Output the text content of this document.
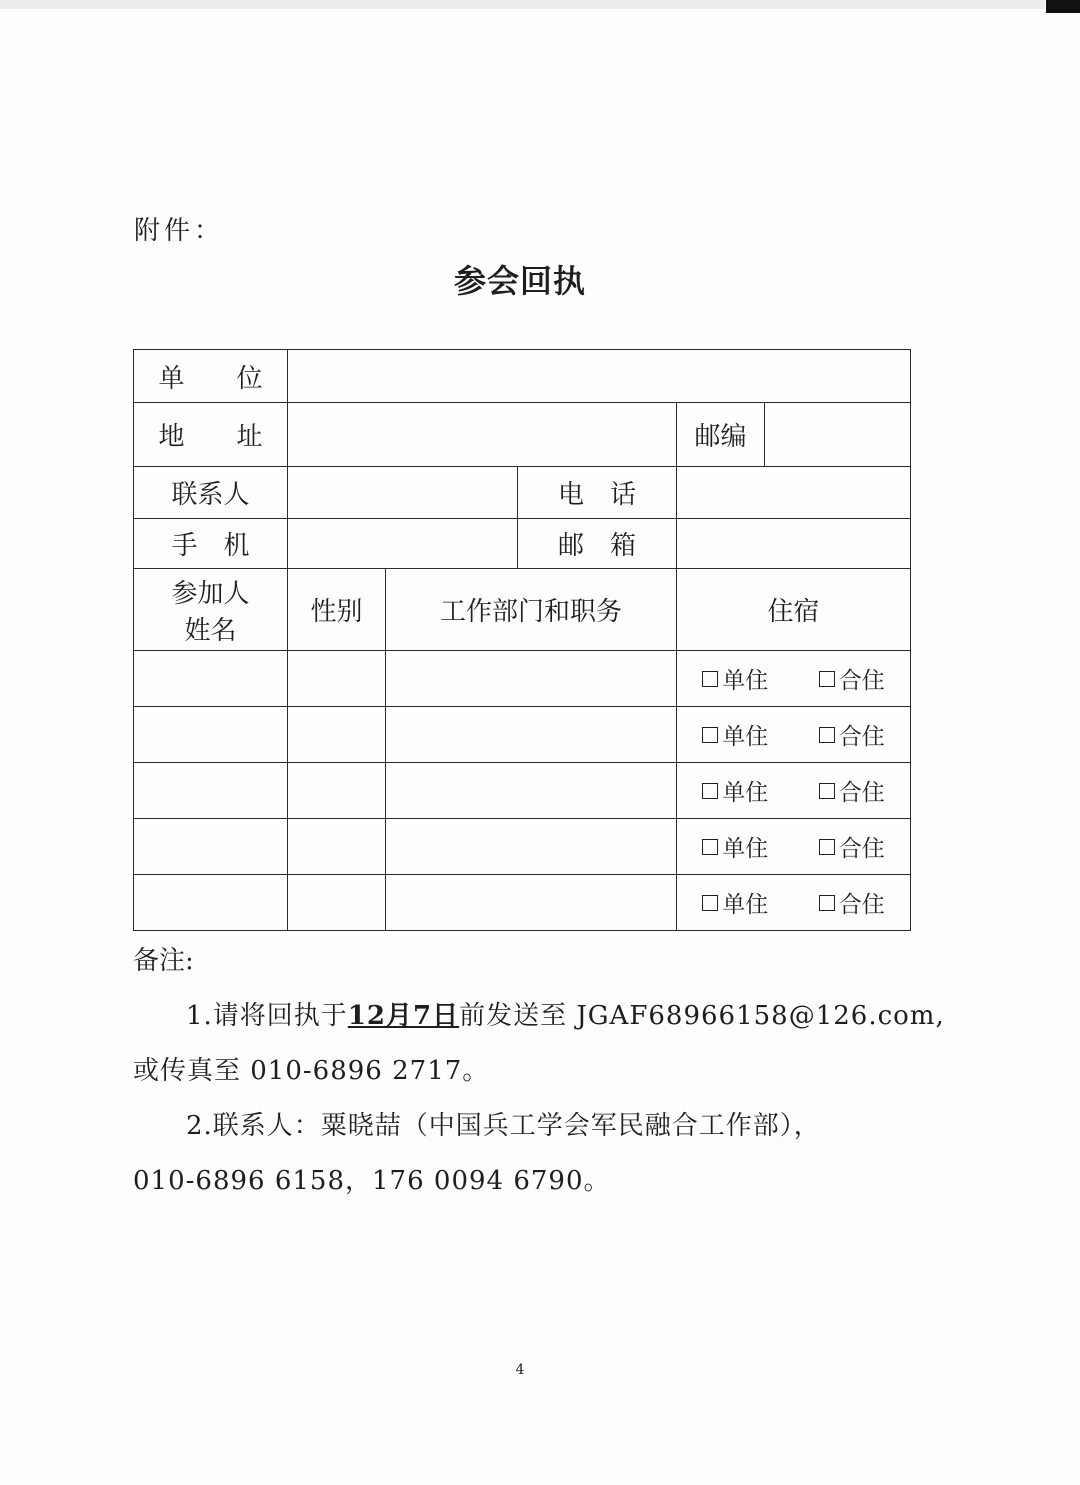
附件：
参会回执
单　　位					
地　　址				邮编	
联系人			电　话		
手　机			邮　箱		

参加人
姓名	性别	工作部门和职务		住宿	

				单住 合住	

				单住 合住	

				单住 合住	

				单住 合住	

				单住 合住	
备注:
1.请将回执于12月7日前发送至 JGAF68966158@126.com,
或传真至 010-6896 2717。
2.联系人：粟晓喆（中国兵工学会军民融合工作部），
010-6896 6158，176 0094 6790。
4
